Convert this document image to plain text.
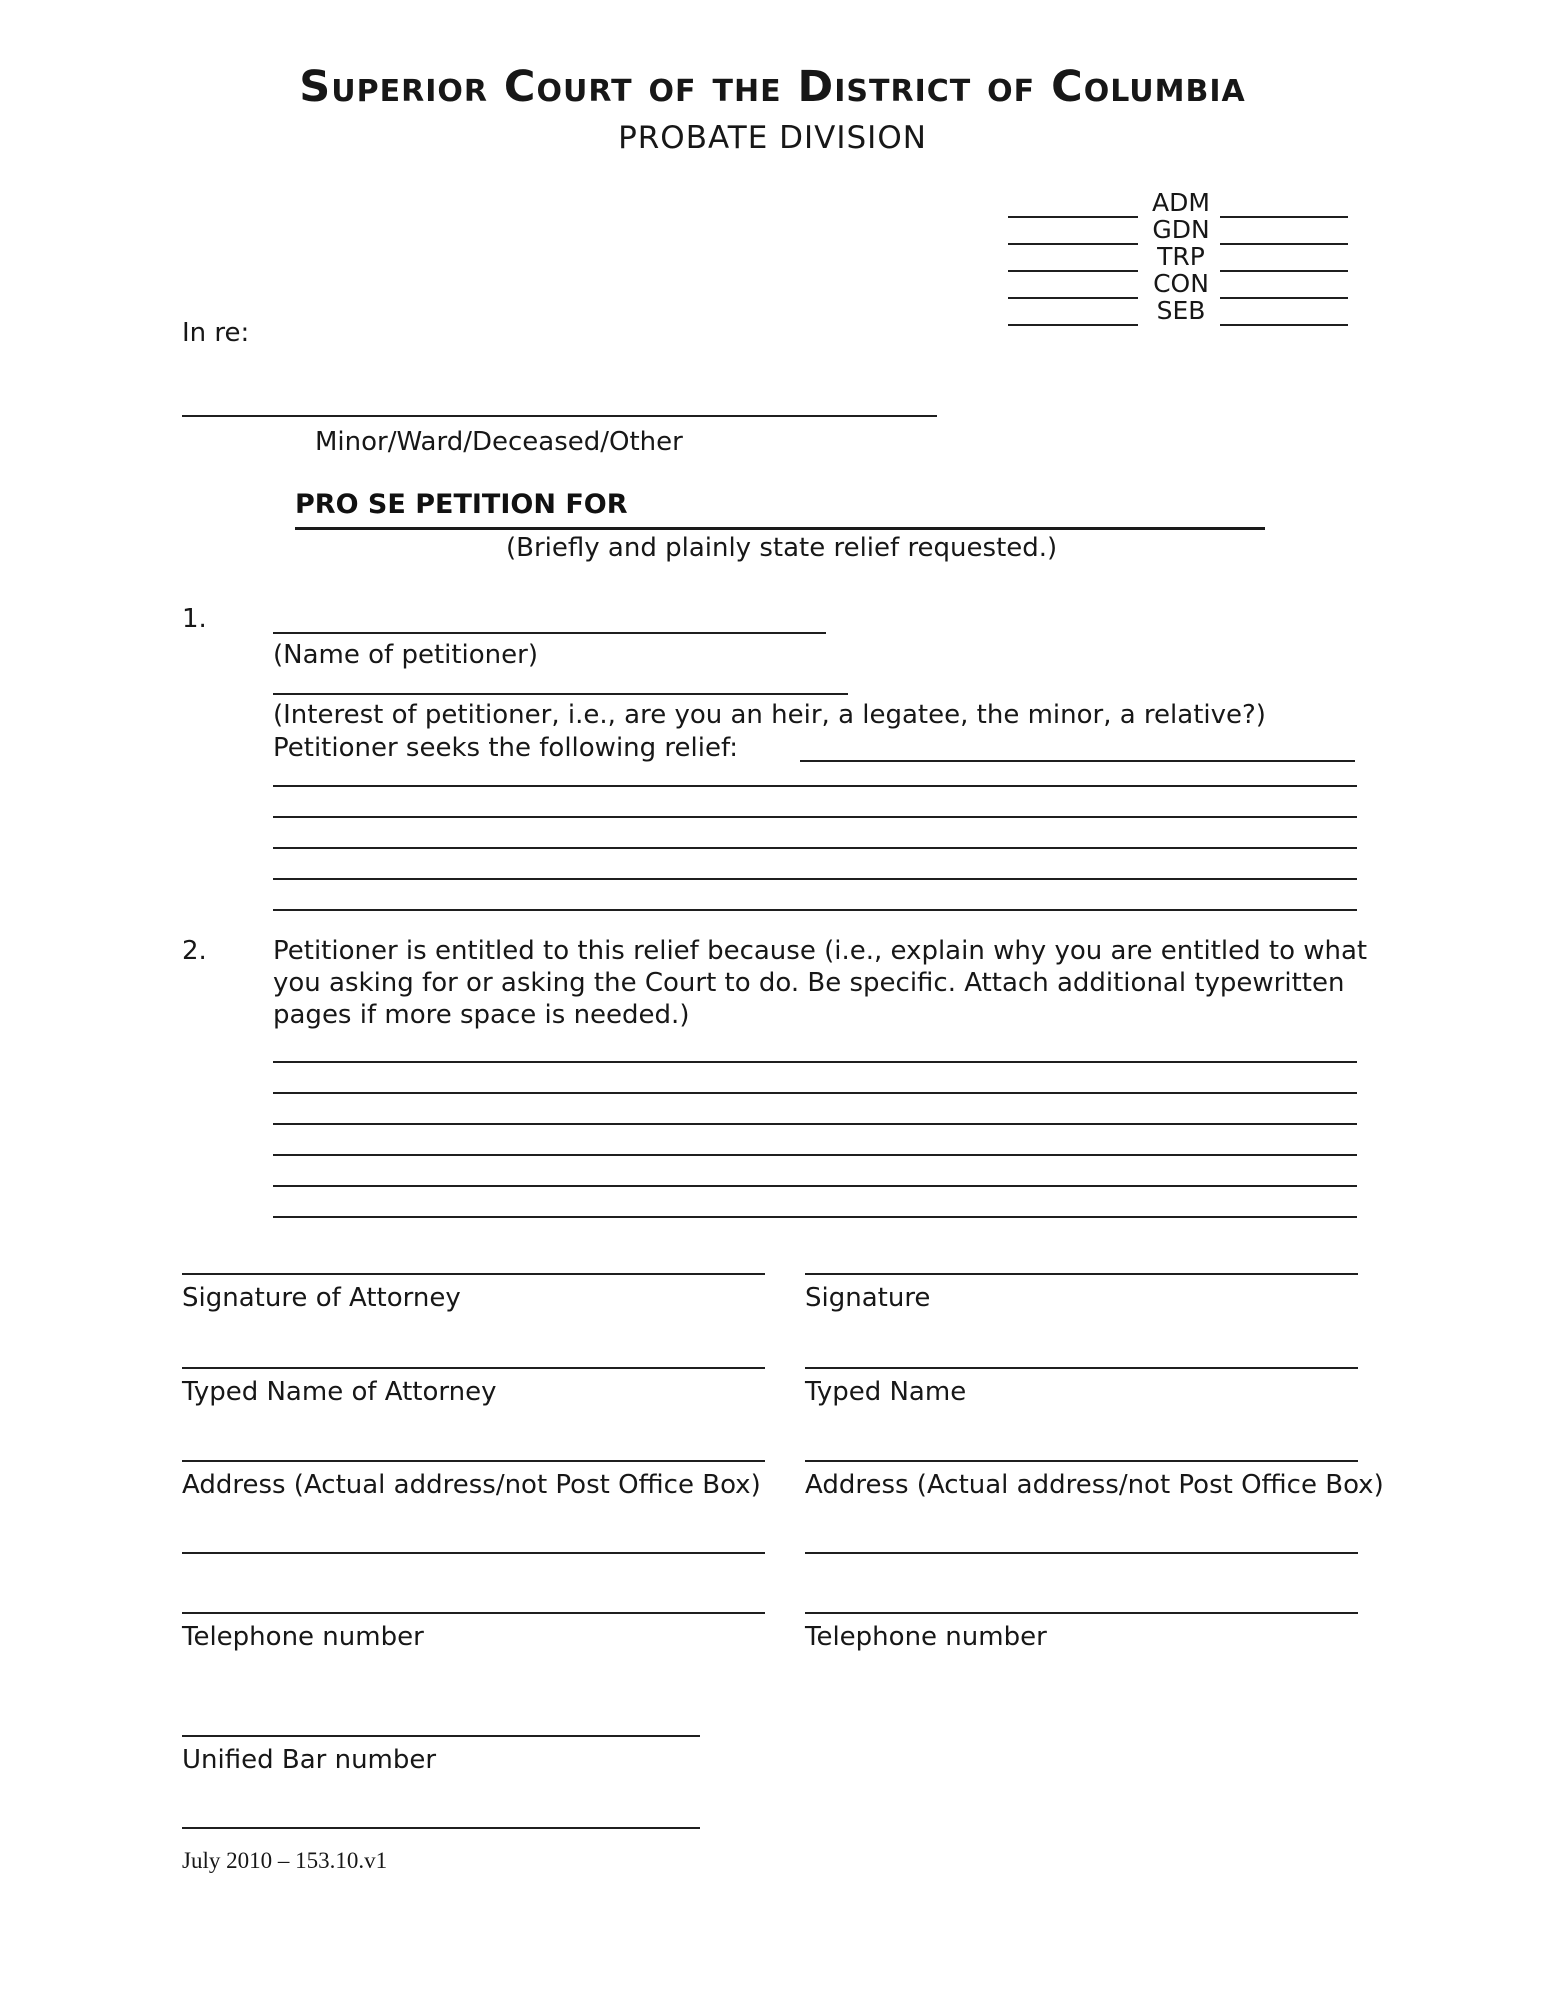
Superior Court of the District of Columbia
PROBATE DIVISION
ADM
GDN
TRP
CON
SEB
In re:
Minor/Ward/Deceased/Other
PRO SE PETITION FOR
(Briefly and plainly state relief requested.)
1.
(Name of petitioner)
(Interest of petitioner, i.e., are you an heir, a legatee, the minor, a relative?)
Petitioner seeks the following relief:
2.	Petitioner is entitled to this relief because (i.e., explain why you are entitled to what
you asking for or asking the Court to do. Be specific. Attach additional typewritten
pages if more space is needed.)
Signature of Attorney	Signature
Typed Name of Attorney	Typed Name
Address (Actual address/not Post Office Box) Address (Actual address/not Post Office Box)
Telephone number	Telephone number
Unified Bar number
July 2010 – 153.10.v1
